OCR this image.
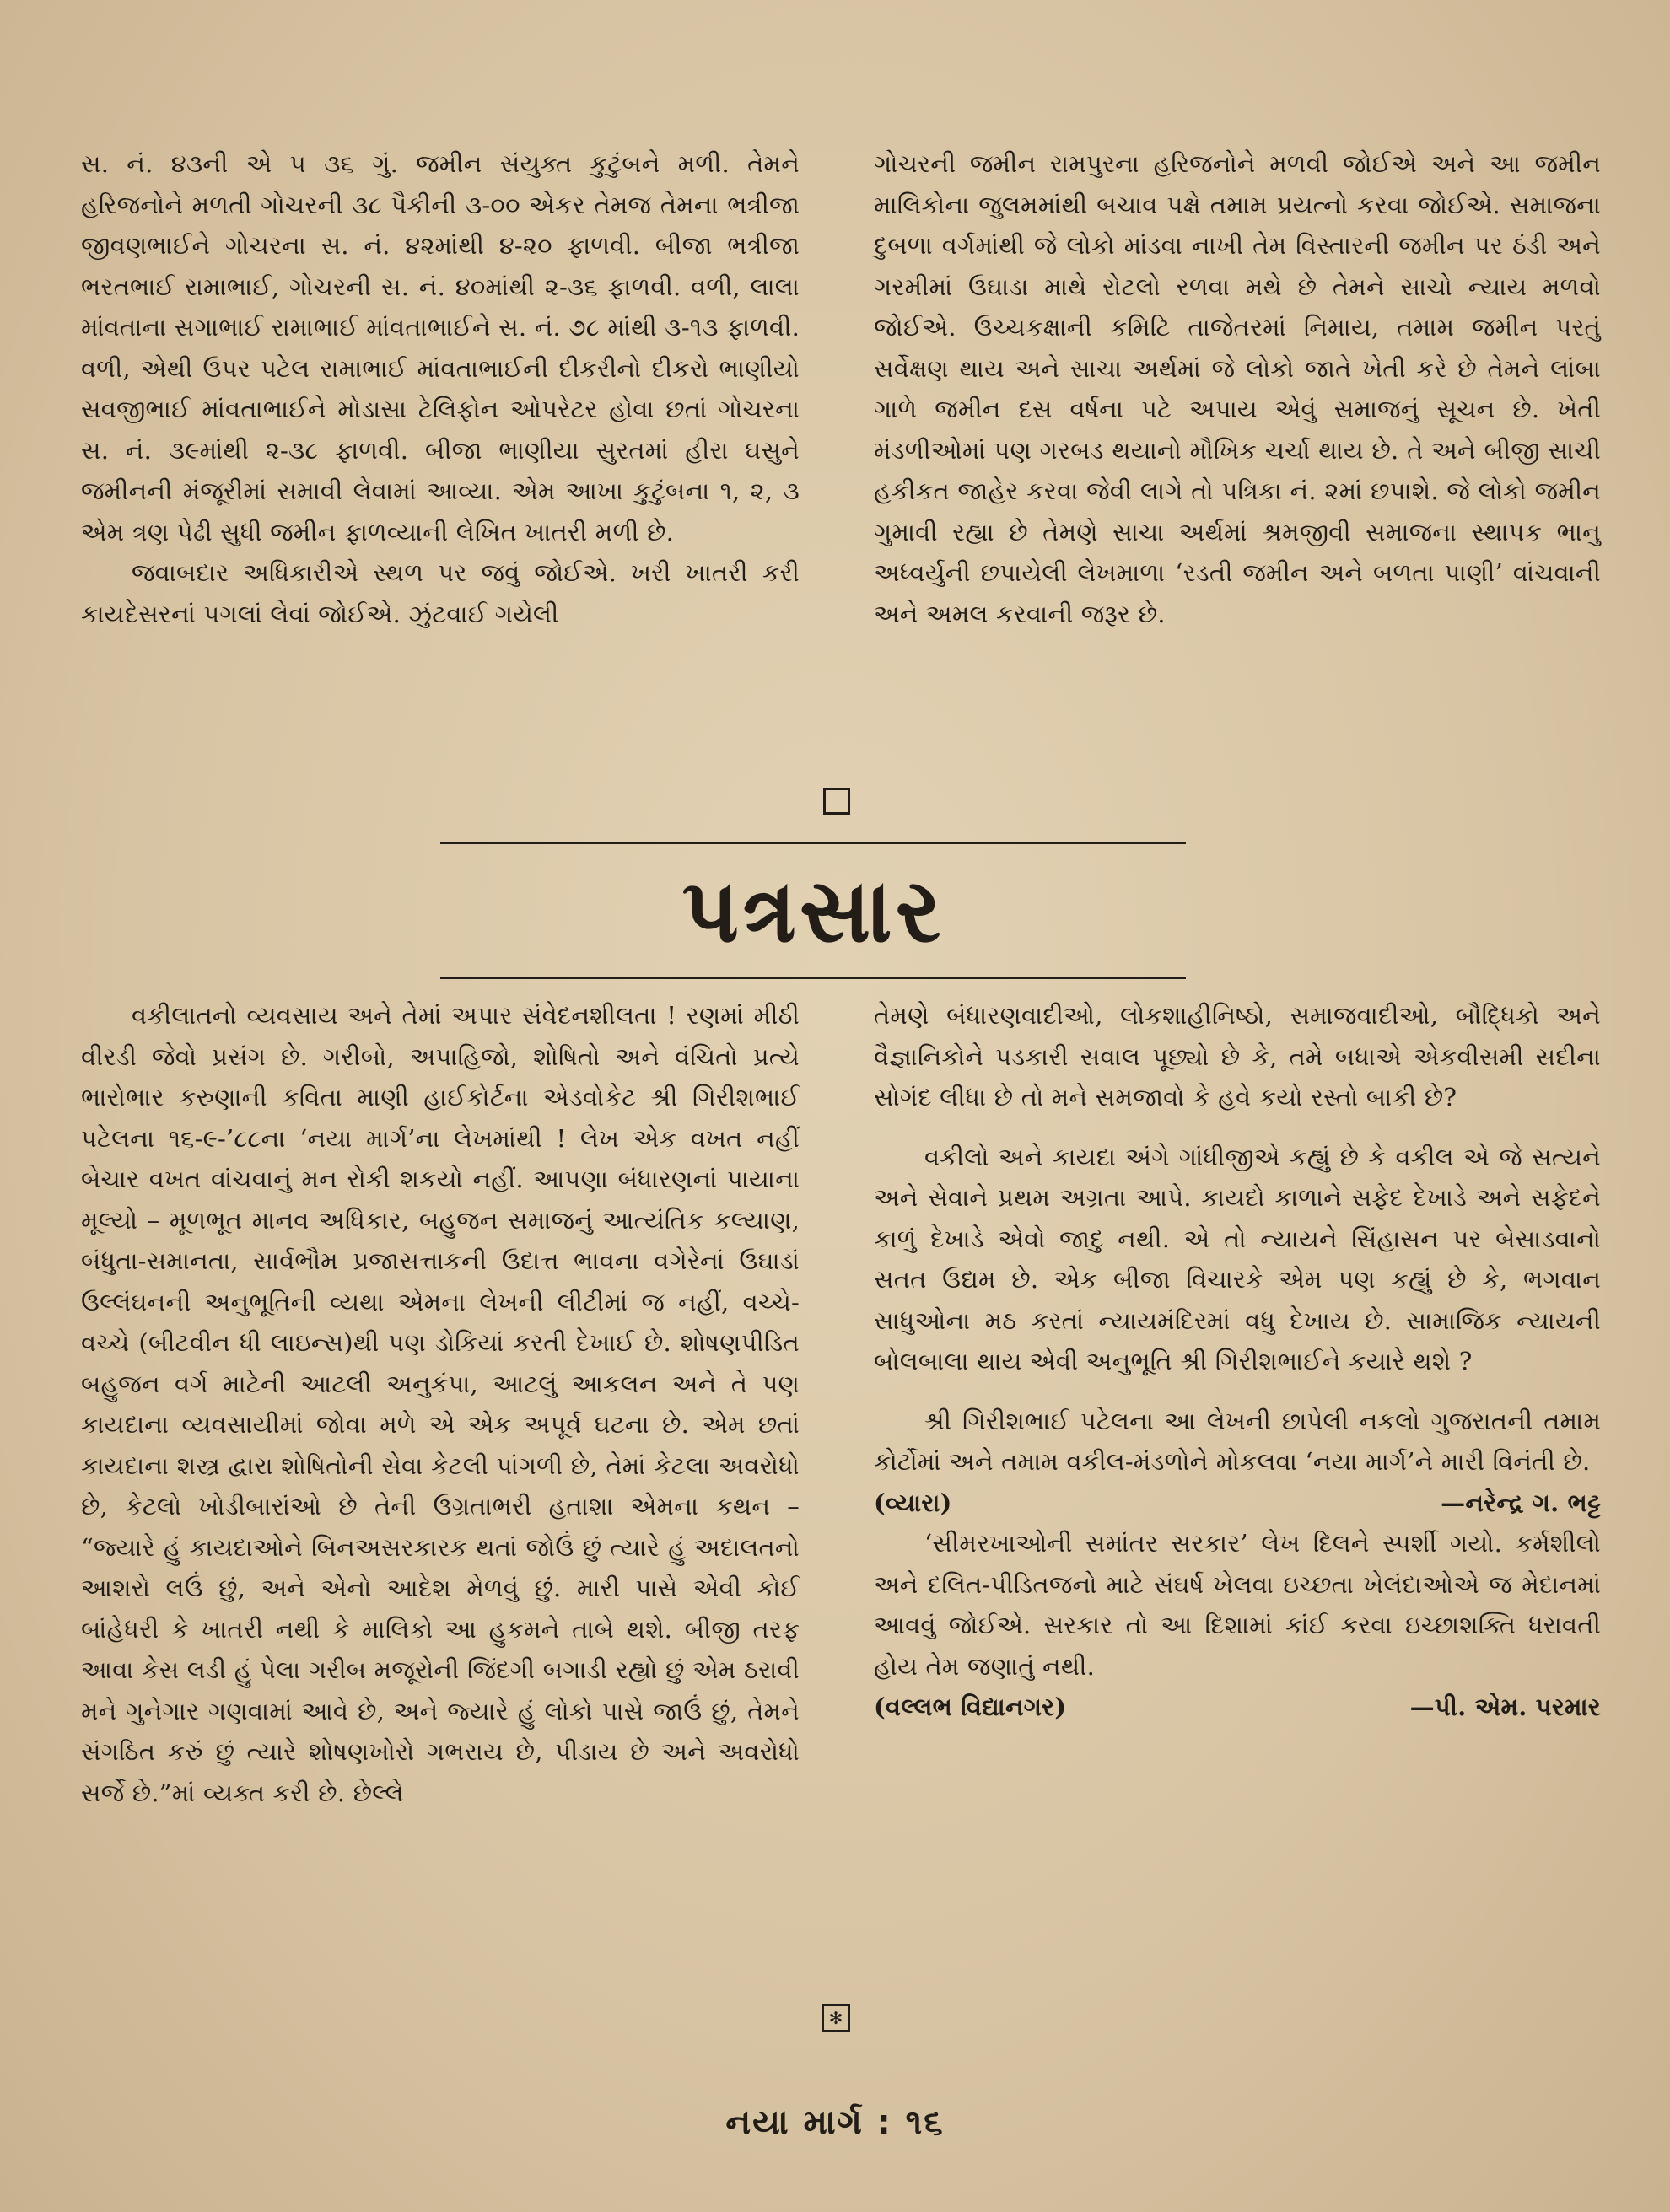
સ. નં. ૪૩ની એ ૫ ૩૬ ગું. જમીન સંયુક્ત કુટુંબને મળી. તેમને હરિજનોને મળતી ગોચરની ૩૮ પૈકીની ૩-૦૦ એકર તેમજ તેમના ભત્રીજા જીવણભાઈને ગોચરના સ. નં. ૪૨માંથી ૪-૨૦ ફાળવી. બીજા ભત્રીજા ભરતભાઈ રામાભાઈ, ગોચરની સ. નં. ૪૦માંથી ૨-૩૬ ફાળવી. વળી, લાલા માંવતાના સગાભાઈ રામાભાઈ માંવતાભાઈને સ. નં. ૭૮ માંથી ૩-૧૩ ફાળવી. વળી, એથી ઉપર પટેલ રામાભાઈ માંવતાભાઈની દીકરીનો દીકરો ભાણીયો સવજીભાઈ માંવતાભાઈને મોડાસા ટેલિફોન ઓપરેટર હોવા છતાં ગોચરના સ. નં. ૩૯માંથી ૨-૩૮ ફાળવી. બીજા ભાણીયા સુરતમાં હીરા ઘસુને જમીનની મંજૂરીમાં સમાવી લેવામાં આવ્યા. એમ આખા કુટુંબના ૧, ૨, ૩ એમ ત્રણ પેઢી સુધી જમીન ફાળવ્યાની લેખિત ખાતરી મળી છે.

જવાબદાર અધિકારીએ સ્થળ પર જવું જોઈએ. ખરી ખાતરી કરી કાયદેસરનાં પગલાં લેવાં જોઈએ. ઝુંટવાઈ ગયેલી

ગોચરની જમીન રામપુરના હરિજનોને મળવી જોઈએ અને આ જમીન માલિકોના જુલમમાંથી બચાવ પક્ષે તમામ પ્રયત્નો કરવા જોઈએ. સમાજના દુબળા વર્ગમાંથી જે લોકો માંડવા નાખી તેમ વિસ્તારની જમીન પર ઠંડી અને ગરમીમાં ઉઘાડા માથે રોટલો રળવા મથે છે તેમને સાચો ન્યાય મળવો જોઈએ. ઉચ્ચકક્ષાની કમિટિ તાજેતરમાં નિમાય, તમામ જમીન પરતું સર્વેક્ષણ થાય અને સાચા અર્થમાં જે લોકો જાતે ખેતી કરે છે તેમને લાંબા ગાળે જમીન દસ વર્ષના પટે અપાય એવું સમાજનું સૂચન છે. ખેતી મંડળીઓમાં પણ ગરબડ થયાનો મૌખિક ચર્ચા થાય છે. તે અને બીજી સાચી હકીકત જાહેર કરવા જેવી લાગે તો પત્રિકા નં. ૨માં છપાશે. જે લોકો જમીન ગુમાવી રહ્યા છે તેમણે સાચા અર્થમાં શ્રમજીવી સમાજના સ્થાપક ભાનુ અધ્વર્યુની છપાયેલી લેખમાળા ‘રડતી જમીન અને બળતા પાણી’ વાંચવાની અને અમલ કરવાની જરૂર છે.

પત્રસાર

વકીલાતનો વ્યવસાય અને તેમાં અપાર સંવેદનશીલતા ! રણમાં મીઠી વીરડી જેવો પ્રસંગ છે. ગરીબો, અપાહિજો, શોષિતો અને વંચિતો પ્રત્યે ભારોભાર કરુણાની કવિતા માણી હાઈકોર્ટના એડવોકેટ શ્રી ગિરીશભાઈ પટેલના ૧૬-૯-’૮૮ના ‘નયા માર્ગ’ના લેખમાંથી ! લેખ એક વખત નહીં બેચાર વખત વાંચવાનું મન રોકી શકયો નહીં. આપણા બંધારણનાં પાયાના મૂલ્યો – મૂળભૂત માનવ અધિકાર, બહુજન સમાજનું આત્યંતિક કલ્યાણ, બંધુતા-સમાનતા, સાર્વભૌમ પ્રજાસત્તાકની ઉદાત્ત ભાવના વગેરેનાં ઉઘાડાં ઉલ્લંઘનની અનુભૂતિની વ્યથા એમના લેખની લીટીમાં જ નહીં, વચ્ચે-વચ્ચે (બીટવીન ધી લાઇન્સ)થી પણ ડોકિયાં કરતી દેખાઈ છે. શોષણપીડિત બહુજન વર્ગ માટેની આટલી અનુકંપા, આટલું આકલન અને તે પણ કાયદાના વ્યવસાયીમાં જોવા મળે એ એક અપૂર્વ ઘટના છે. એમ છતાં કાયદાના શસ્ત્ર દ્વારા શોષિતોની સેવા કેટલી પાંગળી છે, તેમાં કેટલા અવરોધો છે, કેટલો ખોડીબારાંઓ છે તેની ઉગ્રતાભરી હતાશા એમના કથન – “જ્યારે હું કાયદાઓને બિનઅસરકારક થતાં જોઉં છું ત્યારે હું અદાલતનો આશરો લઉં છું, અને એનો આદેશ મેળવું છું. મારી પાસે એવી કોઈ બાંહેધરી કે ખાતરી નથી કે માલિકો આ હુકમને તાબે થશે. બીજી તરફ આવા કેસ લડી હું પેલા ગરીબ મજૂરોની જિંદગી બગાડી રહ્યો છું એમ ઠરાવી મને ગુનેગાર ગણવામાં આવે છે, અને જ્યારે હું લોકો પાસે જાઉં છું, તેમને સંગઠિત કરું છું ત્યારે શોષણખોરો ગભરાય છે, પીડાય છે અને અવરોધો સર્જે છે.”માં વ્યક્ત કરી છે. છેલ્લે

તેમણે બંધારણવાદીઓ, લોકશાહીનિષ્ઠો, સમાજવાદીઓ, બૌદ્ધિકો અને વૈજ્ઞાનિકોને પડકારી સવાલ પૂછ્યો છે કે, તમે બધાએ એકવીસમી સદીના સોગંદ લીધા છે તો મને સમજાવો કે હવે કયો રસ્તો બાકી છે?

વકીલો અને કાયદા અંગે ગાંધીજીએ કહ્યું છે કે વકીલ એ જે સત્યને અને સેવાને પ્રથમ અગ્રતા આપે. કાયદો કાળાને સફેદ દેખાડે અને સફેદને કાળું દેખાડે એવો જાદુ નથી. એ તો ન્યાયને સિંહાસન પર બેસાડવાનો સતત ઉદ્યમ છે. એક બીજા વિચારકે એમ પણ કહ્યું છે કે, ભગવાન સાધુઓના મઠ કરતાં ન્યાયમંદિરમાં વધુ દેખાય છે. સામાજિક ન્યાયની બોલબાલા થાય એવી અનુભૂતિ શ્રી ગિરીશભાઈને કયારે થશે ?

શ્રી ગિરીશભાઈ પટેલના આ લેખની છાપેલી નકલો ગુજરાતની તમામ કોર્ટોમાં અને તમામ વકીલ-મંડળોને મોકલવા ‘નયા માર્ગ’ને મારી વિનંતી છે.

(વ્યારા)	—નરેન્દ્ર ગ. ભટ્ટ

‘સીમરખાઓની સમાંતર સરકાર’ લેખ દિલને સ્પર્શી ગયો. કર્મશીલો અને દલિત-પીડિતજનો માટે સંઘર્ષ ખેલવા ઇચ્છતા ખેલંદાઓએ જ મેદાનમાં આવવું જોઈએ. સરકાર તો આ દિશામાં કાંઈ કરવા ઇચ્છાશક્તિ ધરાવતી હોય તેમ જણાતું નથી.

(વલ્લભ વિદ્યાનગર)	—પી. એમ. પરમાર
✻
નયા માર્ગ : ૧૬
